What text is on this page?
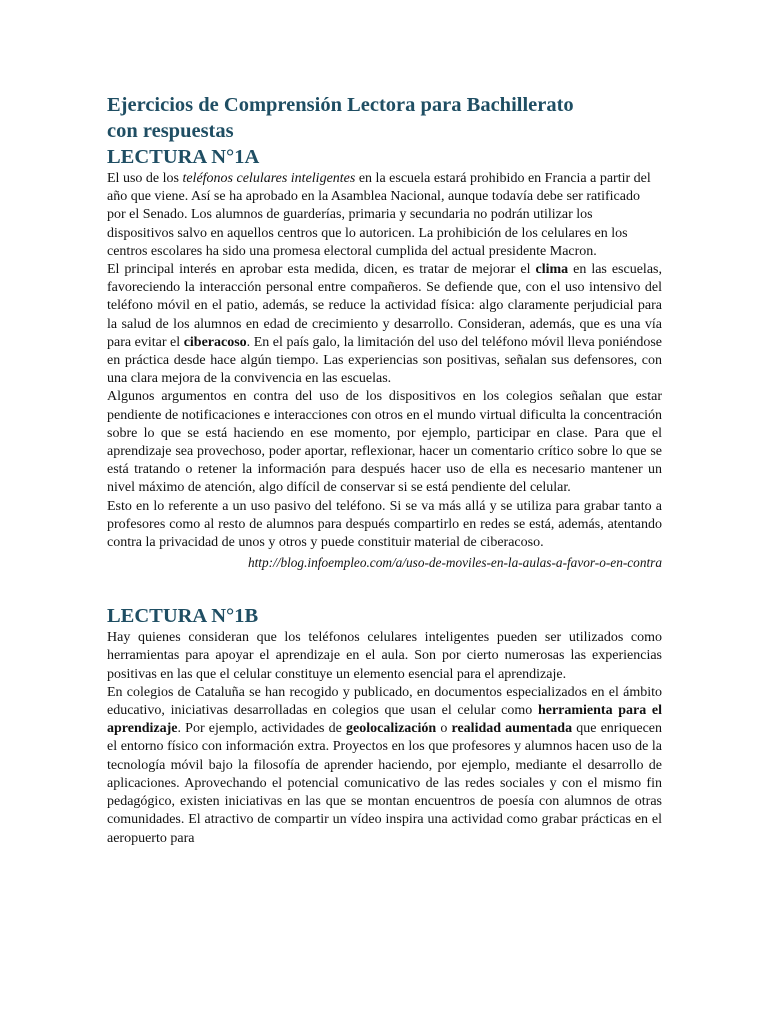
Ejercicios de Comprensión Lectora para Bachillerato
con respuestas
LECTURA N°1A

El uso de los teléfonos celulares inteligentes en la escuela estará prohibido en Francia a partir del año que viene. Así se ha aprobado en la Asamblea Nacional, aunque todavía debe ser ratificado por el Senado. Los alumnos de guarderías, primaria y secundaria no podrán utilizar los dispositivos salvo en aquellos centros que lo autoricen. La prohibición de los celulares en los centros escolares ha sido una promesa electoral cumplida del actual presidente Macron.

El principal interés en aprobar esta medida, dicen, es tratar de mejorar el clima en las escuelas, favoreciendo la interacción personal entre compañeros. Se defiende que, con el uso intensivo del teléfono móvil en el patio, además, se reduce la actividad física: algo claramente perjudicial para la salud de los alumnos en edad de crecimiento y desarrollo. Consideran, además, que es una vía para evitar el ciberacoso. En el país galo, la limitación del uso del teléfono móvil lleva poniéndose en práctica desde hace algún tiempo. Las experiencias son positivas, señalan sus defensores, con una clara mejora de la convivencia en las escuelas.

Algunos argumentos en contra del uso de los dispositivos en los colegios señalan que estar pendiente de notificaciones e interacciones con otros en el mundo virtual dificulta la concentración sobre lo que se está haciendo en ese momento, por ejemplo, participar en clase. Para que el aprendizaje sea provechoso, poder aportar, reflexionar, hacer un comentario crítico sobre lo que se está tratando o retener la información para después hacer uso de ella es necesario mantener un nivel máximo de atención, algo difícil de conservar si se está pendiente del celular.

Esto en lo referente a un uso pasivo del teléfono. Si se va más allá y se utiliza para grabar tanto a profesores como al resto de alumnos para después compartirlo en redes se está, además, atentando contra la privacidad de unos y otros y puede constituir material de ciberacoso.

http://blog.infoempleo.com/a/uso-de-moviles-en-la-aulas-a-favor-o-en-contra
LECTURA N°1B

Hay quienes consideran que los teléfonos celulares inteligentes pueden ser utilizados como herramientas para apoyar el aprendizaje en el aula. Son por cierto numerosas las experiencias positivas en las que el celular constituye un elemento esencial para el aprendizaje.

En colegios de Cataluña se han recogido y publicado, en documentos especializados en el ámbito educativo, iniciativas desarrolladas en colegios que usan el celular como herramienta para el aprendizaje. Por ejemplo, actividades de geolocalización o realidad aumentada que enriquecen el entorno físico con información extra. Proyectos en los que profesores y alumnos hacen uso de la tecnología móvil bajo la filosofía de aprender haciendo, por ejemplo, mediante el desarrollo de aplicaciones. Aprovechando el potencial comunicativo de las redes sociales y con el mismo fin pedagógico, existen iniciativas en las que se montan encuentros de poesía con alumnos de otras comunidades. El atractivo de compartir un vídeo inspira una actividad como grabar prácticas en el aeropuerto para
